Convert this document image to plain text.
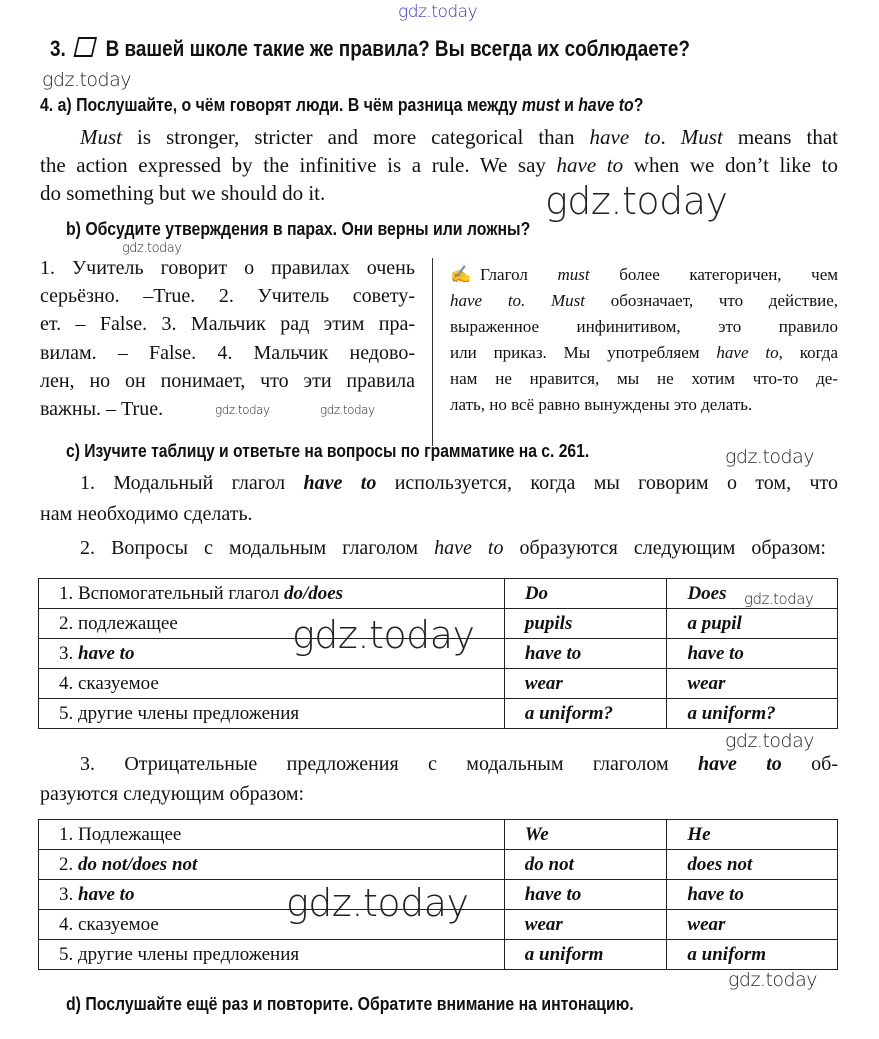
gdz.today
3. В вашей школе такие же правила? Вы всегда их соблюдаете?
gdz.today
4. a) Послушайте, о чём говорят люди. В чём разница между must и have to?
Must is stronger, stricter and more categorical than have to. Must means that
the action expressed by the infinitive is a rule. We say have to when we don’t like to
do something but we should do it.	gdz.today
b) Обсудите утверждения в парах. Они верны или ложны?
gdz.today
1. Учитель говорит о правилах очень
серьёзно. –True. 2. Учитель совету-
ет. – False. 3. Мальчик рад этим пра-
вилам. – False. 4. Мальчик недово-
лен, но он понимает, что эти правила
важны. – True.	gdz.today	gdz.today
✍ Глагол must более категоричен, чем
have to. Must обозначает, что действие,
выраженное инфинитивом, это правило
или приказ. Мы употребляем have to, когда
нам не нравится, мы не хотим что-то де-
лать, но всё равно вынуждены это делать.
c) Изучите таблицу и ответьте на вопросы по грамматике на с. 261.	gdz.today
1. Модальный глагол have to используется, когда мы говорим о том, что
нам необходимо сделать.
2. Вопросы с модальным глаголом have to образуются следующим образом:
1. Вспомогательный глагол do/does	Do	Does
2. подлежащее	pupils	a pupil
3. have to	have to	have to
4. сказуемое	wear	wear
5. другие члены предложения	a uniform?	a uniform?
gdz.today
gdz.today
gdz.today
3. Отрицательные предложения с модальным глаголом have to об-
разуются следующим образом:
1. Подлежащее	We	He
2. do not/does not	do not	does not
3. have to	have to	have to
4. сказуемое	wear	wear
5. другие члены предложения	a uniform	a uniform
gdz.today
gdz.today
d) Послушайте ещё раз и повторите. Обратите внимание на интонацию.
